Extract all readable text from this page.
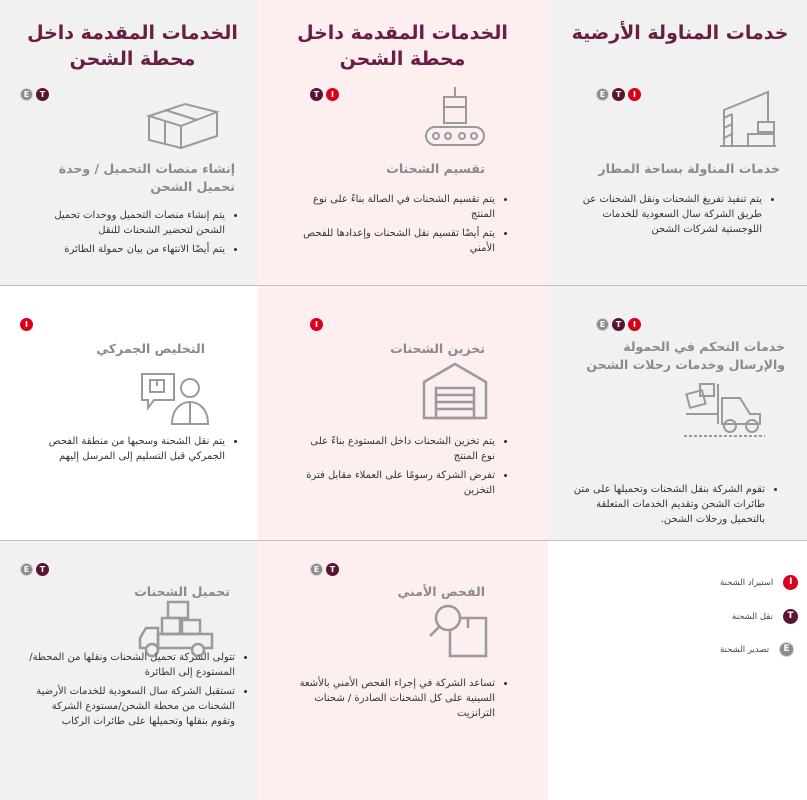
خدمات المناولة الأرضية
الخدمات المقدمة داخل محطة الشحن
الخدمات المقدمة داخل محطة الشحن
I
T
E
خدمات المناولة بساحة المطار
• يتم تنفيذ تفريغ الشحنات ونقل الشحنات عن طريق الشركة سال السعودية للخدمات اللوجستية لشركات الشحن
I
T
تقسيم الشحنات
• يتم تقسيم الشحنات في الصالة بناءً على نوع المنتج
• يتم أيضًا تقسيم نقل الشحنات وإعدادها للفحص الأمني
T
E
إنشاء منصات التحميل / وحدة تحميل الشحن
• يتم إنشاء منصات التحميل ووحدات تحميل الشحن لتحضير الشحنات للنقل
• يتم أيضًا الانتهاء من بيان حمولة الطائرة
I
T
E
خدمات التحكم في الحمولة والإرسال وخدمات رحلات الشحن
• تقوم الشركة بنقل الشحنات وتحميلها على متن طائرات الشحن وتقديم الخدمات المتعلقة بالتحميل ورحلات الشحن.
I
تخزين الشحنات
• يتم تخزين الشحنات داخل المستودع بناءً على نوع المنتج
• تفرض الشركة رسومًا على العملاء مقابل فترة التخزين
I
التخليص الجمركي
• يتم نقل الشحنة وسحبها من منطقة الفحص الجمركي قبل التسليم إلى المرسل إليهم
T
E
الفحص الأمني
• تساعد الشركة في إجراء الفحص الأمني بالأشعة السينية على كل الشحنات الصادرة / شحنات الترانزيت
T
E
تحميل الشحنات
• تتولى الشركة تحميل الشحنات ونقلها من المحطة/المستودع إلى الطائرة
• تستقبل الشركة سال السعودية للخدمات الأرضية الشحنات من محطة الشحن/مستودع الشركة وتقوم بنقلها وتحميلها على طائرات الركاب
I
استيراد الشحنة
T
نقل الشحنة
E
تصدير الشحنة
